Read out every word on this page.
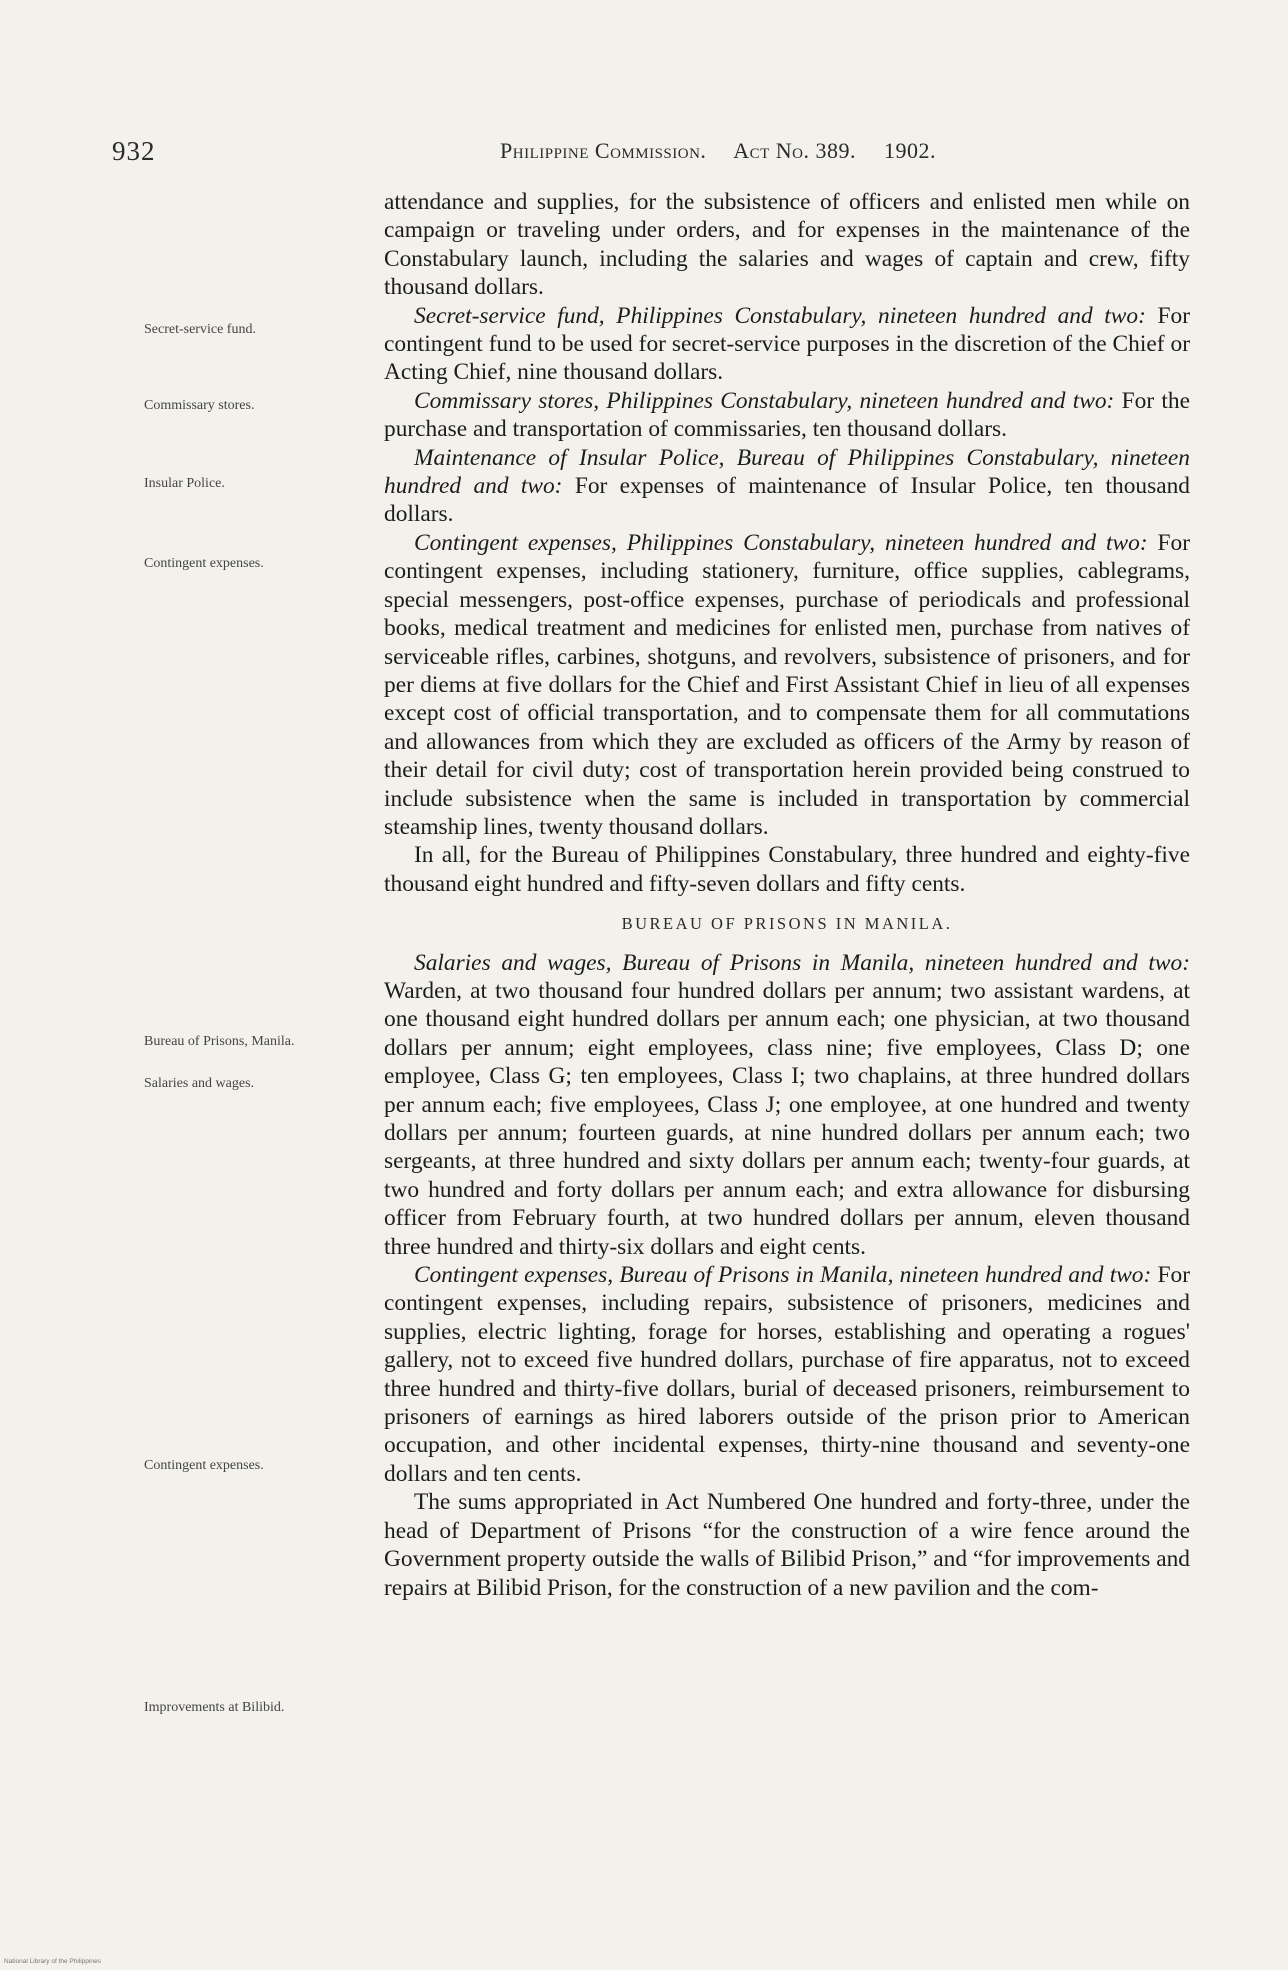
932	Philippine Commission. Act No. 389. 1902.
Secret-service fund.
Commissary stores.
Insular Police.
Contingent expenses.
Bureau of Prisons, Manila.
Salaries and wages.
Contingent expenses.
Improvements at Bilibid.

attendance and supplies, for the subsistence of officers and enlisted men while on campaign or traveling under orders, and for expenses in the maintenance of the Constabulary launch, including the salaries and wages of captain and crew, fifty thousand dollars.

Secret-service fund, Philippines Constabulary, nineteen hundred and two: For contingent fund to be used for secret-service purposes in the discretion of the Chief or Acting Chief, nine thousand dollars.

Commissary stores, Philippines Constabulary, nineteen hundred and two: For the purchase and transportation of commissaries, ten thousand dollars.

Maintenance of Insular Police, Bureau of Philippines Constabulary, nineteen hundred and two: For expenses of maintenance of Insular Police, ten thousand dollars.

Contingent expenses, Philippines Constabulary, nineteen hundred and two: For contingent expenses, including stationery, furniture, office supplies, cablegrams, special messengers, post-office expenses, purchase of periodicals and professional books, medical treatment and medicines for enlisted men, purchase from natives of serviceable rifles, carbines, shotguns, and revolvers, subsistence of prisoners, and for per diems at five dollars for the Chief and First Assistant Chief in lieu of all expenses except cost of official transportation, and to compensate them for all commutations and allowances from which they are excluded as officers of the Army by reason of their detail for civil duty; cost of transportation herein provided being construed to include subsistence when the same is included in transportation by commercial steamship lines, twenty thousand dollars.

In all, for the Bureau of Philippines Constabulary, three hundred and eighty-five thousand eight hundred and fifty-seven dollars and fifty cents.

BUREAU OF PRISONS IN MANILA.

Salaries and wages, Bureau of Prisons in Manila, nineteen hundred and two: Warden, at two thousand four hundred dollars per annum; two assistant wardens, at one thousand eight hundred dollars per annum each; one physician, at two thousand dollars per annum; eight employees, class nine; five employees, Class D; one employee, Class G; ten employees, Class I; two chaplains, at three hundred dollars per annum each; five employees, Class J; one employee, at one hundred and twenty dollars per annum; fourteen guards, at nine hundred dollars per annum each; two sergeants, at three hundred and sixty dollars per annum each; twenty-four guards, at two hundred and forty dollars per annum each; and extra allowance for disbursing officer from February fourth, at two hundred dollars per annum, eleven thousand three hundred and thirty-six dollars and eight cents.

Contingent expenses, Bureau of Prisons in Manila, nineteen hundred and two: For contingent expenses, including repairs, subsistence of prisoners, medicines and supplies, electric lighting, forage for horses, establishing and operating a rogues' gallery, not to exceed five hundred dollars, purchase of fire apparatus, not to exceed three hundred and thirty-five dollars, burial of deceased prisoners, reimbursement to prisoners of earnings as hired laborers outside of the prison prior to American occupation, and other incidental expenses, thirty-nine thousand and seventy-one dollars and ten cents.

The sums appropriated in Act Numbered One hundred and forty-three, under the head of Department of Prisons “for the construction of a wire fence around the Government property outside the walls of Bilibid Prison,” and “for improvements and repairs at Bilibid Prison, for the construction of a new pavilion and the com-

National Library of the Philippines
